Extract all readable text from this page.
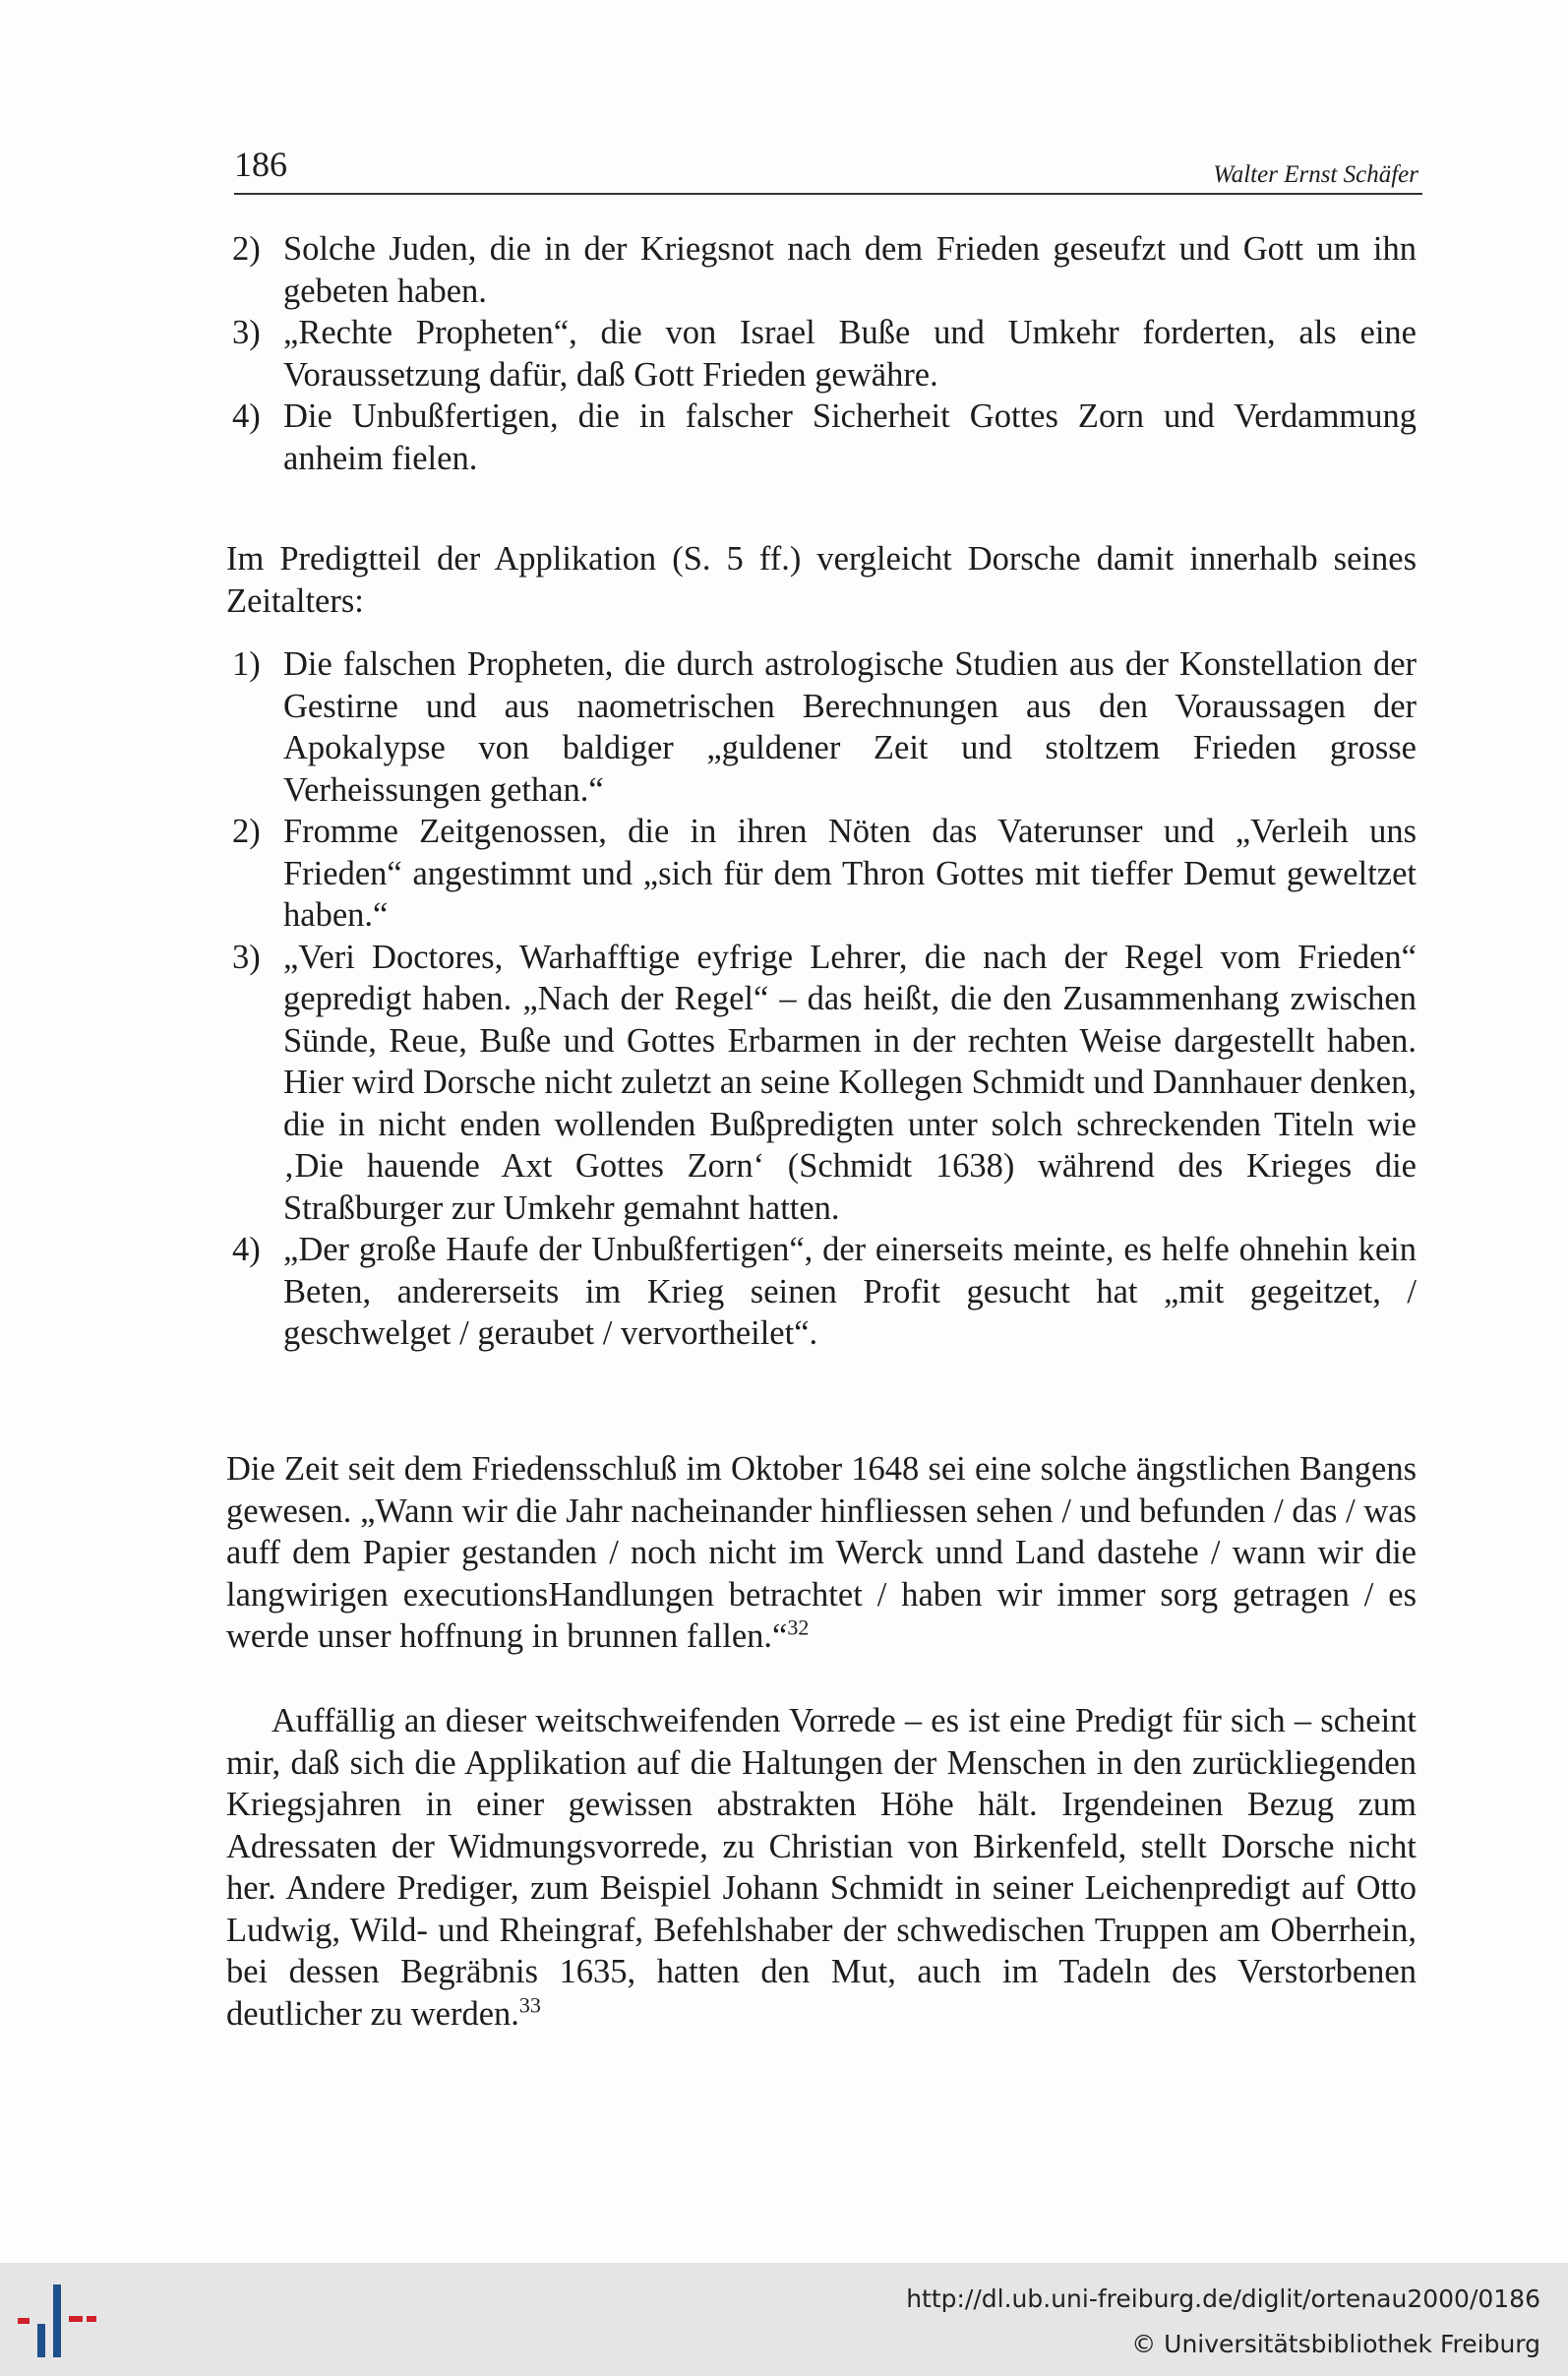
186	Walter Ernst Schäfer
2) Solche Juden, die in der Kriegsnot nach dem Frieden geseufzt und Gott um ihn gebeten haben.
3) „Rechte Propheten“, die von Israel Buße und Umkehr forderten, als eine Voraussetzung dafür, daß Gott Frieden gewähre.
4) Die Unbußfertigen, die in falscher Sicherheit Gottes Zorn und Verdammung anheim fielen.

Im Predigtteil der Applikation (S. 5 ff.) vergleicht Dorsche damit innerhalb seines Zeitalters:

1) Die falschen Propheten, die durch astrologische Studien aus der Konstellation der Gestirne und aus naometrischen Berechnungen aus den Voraussagen der Apokalypse von baldiger „guldener Zeit und stoltzem Frieden grosse Verheissungen gethan.“
2) Fromme Zeitgenossen, die in ihren Nöten das Vaterunser und „Verleih uns Frieden“ angestimmt und „sich für dem Thron Gottes mit tieffer Demut geweltzet haben.“
3) „Veri Doctores, Warhafftige eyfrige Lehrer, die nach der Regel vom Frieden“ gepredigt haben. „Nach der Regel“ – das heißt, die den Zusammenhang zwischen Sünde, Reue, Buße und Gottes Erbarmen in der rechten Weise dargestellt haben. Hier wird Dorsche nicht zuletzt an seine Kollegen Schmidt und Dannhauer denken, die in nicht enden wollenden Bußpredigten unter solch schreckenden Titeln wie ‚Die hauende Axt Gottes Zorn‘ (Schmidt 1638) während des Krieges die Straßburger zur Umkehr gemahnt hatten.
4) „Der große Haufe der Unbußfertigen“, der einerseits meinte, es helfe ohnehin kein Beten, andererseits im Krieg seinen Profit gesucht hat „mit gegeitzet, / geschwelget / geraubet / vervortheilet“.

Die Zeit seit dem Friedensschluß im Oktober 1648 sei eine solche ängstlichen Bangens gewesen. „Wann wir die Jahr nacheinander hinfliessen sehen / und befunden / das / was auff dem Papier gestanden / noch nicht im Werck unnd Land dastehe / wann wir die langwirigen executionsHandlungen betrachtet / haben wir immer sorg getragen / es werde unser hoffnung in brunnen fallen.“$^{32}$

Auffällig an dieser weitschweifenden Vorrede – es ist eine Predigt für sich – scheint mir, daß sich die Applikation auf die Haltungen der Menschen in den zurückliegenden Kriegsjahren in einer gewissen abstrakten Höhe hält. Irgendeinen Bezug zum Adressaten der Widmungsvorrede, zu Christian von Birkenfeld, stellt Dorsche nicht her. Andere Prediger, zum Beispiel Johann Schmidt in seiner Leichenpredigt auf Otto Ludwig, Wild- und Rheingraf, Befehlshaber der schwedischen Truppen am Oberrhein, bei dessen Begräbnis 1635, hatten den Mut, auch im Tadeln des Verstorbenen deutlicher zu werden.$^{33}$

http://dl.ub.uni-freiburg.de/diglit/ortenau2000/0186
© Universitätsbibliothek Freiburg
